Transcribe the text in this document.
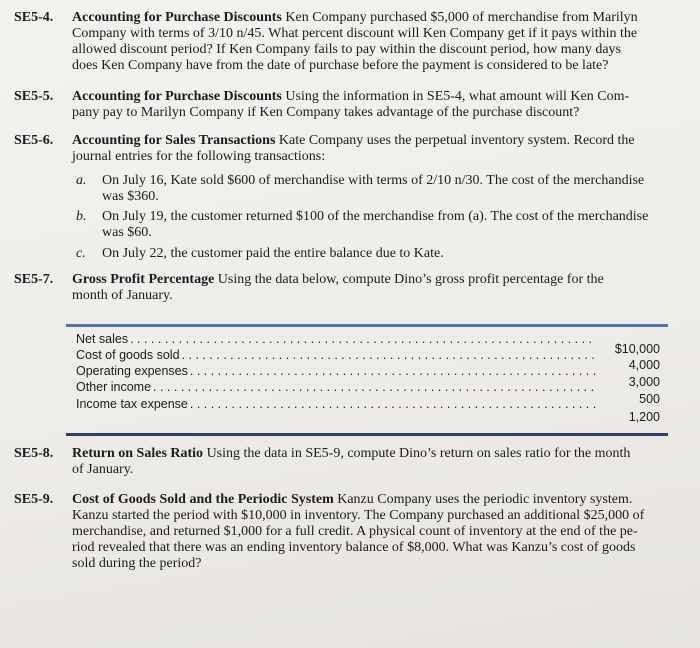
SE5-4. Accounting for Purchase Discounts Ken Company purchased $5,000 of merchandise from Marilyn
Company with terms of 3/10 n/45. What percent discount will Ken Company get if it pays within the
allowed discount period? If Ken Company fails to pay within the discount period, how many days
does Ken Company have from the date of purchase before the payment is considered to be late?
SE5-5. Accounting for Purchase Discounts Using the information in SE5-4, what amount will Ken Com-
pany pay to Marilyn Company if Ken Company takes advantage of the purchase discount?
SE5-6. Accounting for Sales Transactions Kate Company uses the perpetual inventory system. Record the
journal entries for the following transactions:
a. On July 16, Kate sold $600 of merchandise with terms of 2/10 n/30. The cost of the merchandise
was $360.
b. On July 19, the customer returned $100 of the merchandise from (a). The cost of the merchandise
was $60.
c. On July 22, the customer paid the entire balance due to Kate.
SE5-7. Gross Profit Percentage Using the data below, compute Dino’s gross profit percentage for the
month of January.
Net sales . . .
$10,000
Cost of goods sold . . .
4,000
Operating expenses . . .
3,000
Other income . . .
500
Income tax expense . . .
1,200
SE5-8. Return on Sales Ratio Using the data in SE5-9, compute Dino’s return on sales ratio for the month
of January.
SE5-9. Cost of Goods Sold and the Periodic System Kanzu Company uses the periodic inventory system.
Kanzu started the period with $10,000 in inventory. The Company purchased an additional $25,000 of
merchandise, and returned $1,000 for a full credit. A physical count of inventory at the end of the pe-
riod revealed that there was an ending inventory balance of $8,000. What was Kanzu’s cost of goods
sold during the period?
